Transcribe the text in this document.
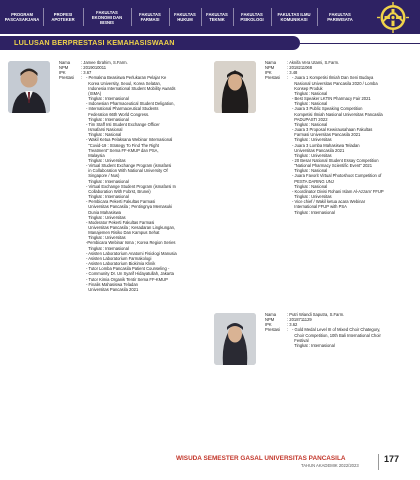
PROGRAM PASCASARJANA
PROFESI APOTEKER
FAKULTAS EKONOMI DAN BISNIS
FAKULTAS FARMASI
FAKULTAS HUKUM
FAKULTAS TEKNIK
FAKULTAS PSIKOLOGI
FAKULTAS ILMU KOMUNIKASI
FAKULTAS PARIWISATA
LULUSAN BERPRESTASI KEMAHASISWAAN
Nama	: Jamee Ibrahim, S.Farm.
NPM	: 2019010011
IPK	: 3.67
Prestasi	: - Pemakna Beasiswa Perlukaran Pelajar Ke
Korea University, Seoul, Korea Selatan,
Indonesia International Student Mobility Awards
(ISMA)
Tingkat : Internasional
- Indonesian Pharmaceutical Student Deligation,
- International Pharmaceutical Students
Federation 66th World Congress.
Tingkat : Internasional
- Tim Staff Inti Student Exchange Officer
Ismafarsi Nasional
Tingkat : Nasional
- Wakil Ketua Pelaksana Webinar Internasional
"Covid-19 : Strategy To Find The Right
Treatment" Sema FF-KMUP dan PSA,
Malaysia
Tingkat : Universitas
- Virtual Student Exchange Program (ismafarsi
in Collaboration With National University Of
Singapore / Nus)
Tingkat : Internasional
- Virtual Exchange Student Program (ismafarsi In
Collaboration With Fobrst, Brunei)
Tingkat : Internasional
- Pembicara Pekerti Fakultas Farmasi
Universitas Pancasila ; Pentingnya Memasuki
Dunia Mahasiswa
Tingkat : Universitas
- Moderator Pekerti Fakultas Farmasi
Universitas Pancasila ; Kesadaran Lingkungan,
Manajemen Risiko Dan Kampus Sehat
Tingkat : Universitas
-Pembicara Webinar Isma ; Korea Region Series
Tingkat : Internasional
- Asisten Laboratorium Anatomi Fisiologi Manusia
- Asisten Laboratorium Farmakologi
- Asisten Laboratorium Biokimia Klinik
- Tutor Lomba Pancasila Patient Counseling -
- Community Dr. Un Syarif Hidayatullah, Jakarta
- Tutor Kimia Organik Tentir Sema FF-KMUP
- Finalis Mahasiswa Teladan
Universitas Pancasila 2021
Nama	: Aknifa Vera Utami, S.Farm.
NPM	: 2018211068
IPK	: 3.48
Prestasi	: - Juara 1 Kompetisi Ilmiah Dan Seni Budaya
Nasional Universitas Pancasila 2020 / Lomba
Konsep Produk
Tingkat : Nasional
- Best Speaker LKTIN Pharmacy Fair 2021
Tingkat : Nasional
- Juara 3 Public Speaking Competition
Kompetisi Ilmiah Nasional Universitas Pancasila
PADUPASTI 2022
Tingkat : Nasional
- Juara 3 Proposal Kewirausahaan Fakultas
Farmasi Universitas Pancasila 2021
Tingkat : Universitas
- Juara 3 Lomba Mahasiswa Teladan
Universitas Pancasila 2021
Tingkat : Universitas
- 20 Besar National Student Essay Competition
"National Pharmacy Scientific Event" 2021
Tingkat : Nasional
- Juara Favorit Virtual Photoshoot Competition of
PESTA DARING UNJ
Tingkat : Nasional
- Koordinator Divisi Rohani Islam Al-Azzam' FFUP
Tingkat : Universitas
- Vice chief / Wakil ketua acara Webinar
International FFUP with PSA
Tingkat : Internasional
Nama	: Putri Wiandi Saputra, S.Farm.
NPM	: 2018711129
IPK	: 3.62
Prestasi	: - Gold Medal Level III of Mixed Choir Chategory,
Choir Competition, 10th Bali International Choir
Festival
Tingkat : Internasional
WISUDA SEMESTER GASAL UNIVERSITAS PANCASILA
TAHUN AKADEMIK 2022/2023
177
